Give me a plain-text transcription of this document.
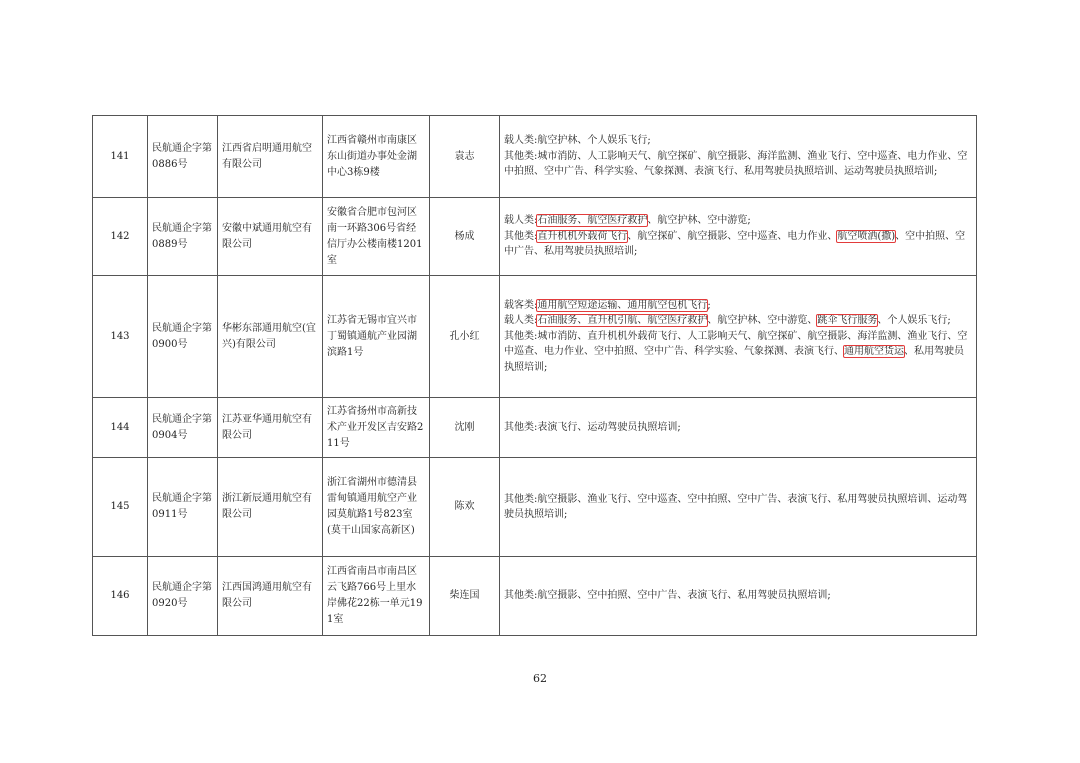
141	民航通企字第0886号	江西省启明通用航空有限公司	江西省赣州市南康区东山街道办事处金湖中心3栋9楼	袁志	载人类:航空护林、个人娱乐飞行;
其他类:城市消防、人工影响天气、航空探矿、航空摄影、海洋监测、渔业飞行、空中巡查、电力作业、空中拍照、空中广告、科学实验、气象探测、表演飞行、私用驾驶员执照培训、运动驾驶员执照培训;

142	民航通企字第0889号	安徽中斌通用航空有限公司	安徽省合肥市包河区南一环路306号省经信厅办公楼南楼1201室	杨成	载人类:石油服务、航空医疗救护、航空护林、空中游览;
其他类:直升机机外载荷飞行、航空探矿、航空摄影、空中巡查、电力作业、航空喷洒(撒)、空中拍照、空中广告、私用驾驶员执照培训;

143	民航通企字第0900号	华彬东部通用航空(宜兴)有限公司	江苏省无锡市宜兴市丁蜀镇通航产业园湖滨路1号	孔小红	载客类:通用航空短途运输、通用航空包机飞行;
载人类:石油服务、直升机引航、航空医疗救护、航空护林、空中游览、跳伞飞行服务、个人娱乐飞行;
其他类:城市消防、直升机机外载荷飞行、人工影响天气、航空探矿、航空摄影、海洋监测、渔业飞行、空中巡查、电力作业、空中拍照、空中广告、科学实验、气象探测、表演飞行、通用航空货运、私用驾驶员执照培训;

144	民航通企字第0904号	江苏亚华通用航空有限公司	江苏省扬州市高新技术产业开发区吉安路211号	沈刚	其他类:表演飞行、运动驾驶员执照培训;

145	民航通企字第0911号	浙江新辰通用航空有限公司	浙江省湖州市德清县雷甸镇通用航空产业园莫航路1号823室(莫干山国家高新区)	陈欢	其他类:航空摄影、渔业飞行、空中巡查、空中拍照、空中广告、表演飞行、私用驾驶员执照培训、运动驾驶员执照培训;

146	民航通企字第0920号	江西国鸿通用航空有限公司	江西省南昌市南昌区云飞路766号上里水岸佛花22栋一单元191室	柴连国	其他类:航空摄影、空中拍照、空中广告、表演飞行、私用驾驶员执照培训;
62
